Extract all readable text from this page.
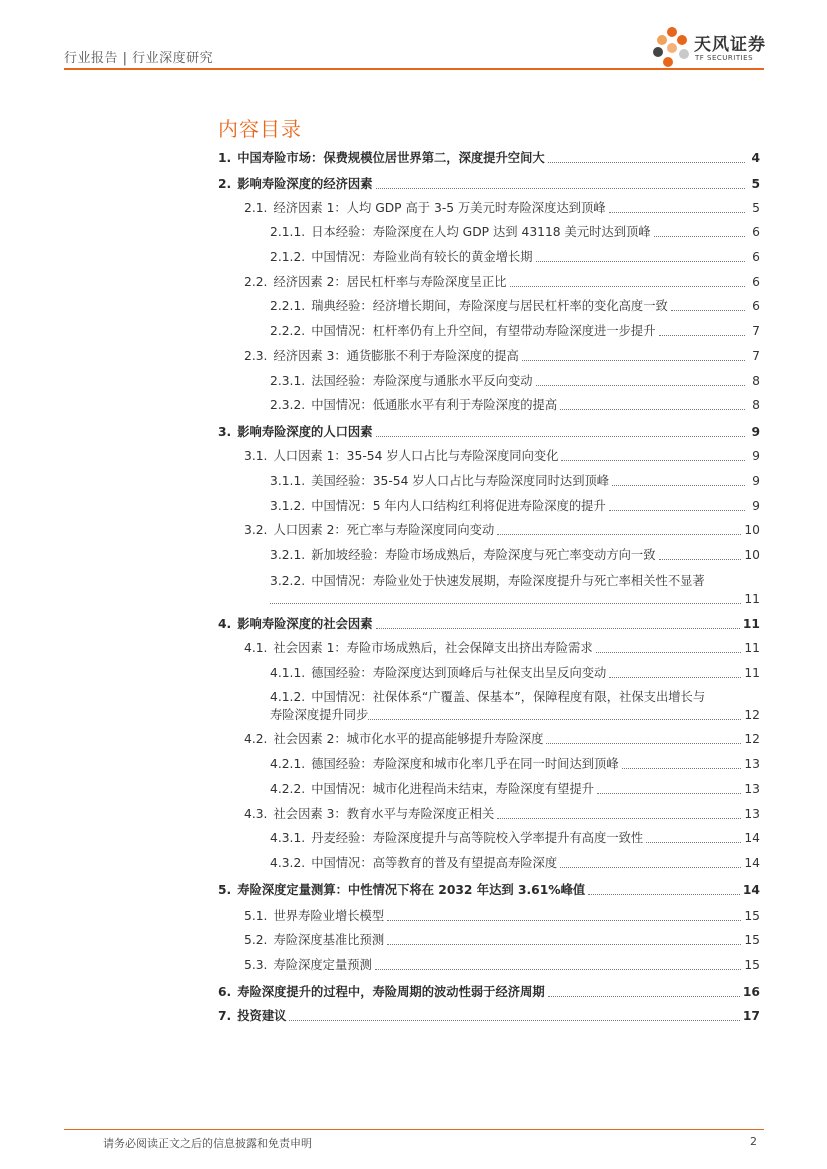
行业报告 | 行业深度研究
天风证券
TF SECURITIES
内容目录
1. 中国寿险市场：保费规模位居世界第二，深度提升空间大	4
2. 影响寿险深度的经济因素	5
2.1. 经济因素 1：人均 GDP 高于 3-5 万美元时寿险深度达到顶峰	5
2.1.1. 日本经验：寿险深度在人均 GDP 达到 43118 美元时达到顶峰	6
2.1.2. 中国情况：寿险业尚有较长的黄金增长期	6
2.2. 经济因素 2：居民杠杆率与寿险深度呈正比	6
2.2.1. 瑞典经验：经济增长期间，寿险深度与居民杠杆率的变化高度一致	6
2.2.2. 中国情况：杠杆率仍有上升空间，有望带动寿险深度进一步提升	7
2.3. 经济因素 3：通货膨胀不利于寿险深度的提高	7
2.3.1. 法国经验：寿险深度与通胀水平反向变动	8
2.3.2. 中国情况：低通胀水平有利于寿险深度的提高	8
3. 影响寿险深度的人口因素	9
3.1. 人口因素 1：35-54 岁人口占比与寿险深度同向变化	9
3.1.1. 美国经验：35-54 岁人口占比与寿险深度同时达到顶峰	9
3.1.2. 中国情况：5 年内人口结构红利将促进寿险深度的提升	9
3.2. 人口因素 2：死亡率与寿险深度同向变动	10
3.2.1. 新加坡经验：寿险市场成熟后，寿险深度与死亡率变动方向一致	10
3.2.2. 中国情况：寿险业处于快速发展期，寿险深度提升与死亡率相关性不显著
11
4. 影响寿险深度的社会因素	11
4.1. 社会因素 1：寿险市场成熟后，社会保障支出挤出寿险需求	11
4.1.1. 德国经验：寿险深度达到顶峰后与社保支出呈反向变动	11
4.1.2. 中国情况：社保体系“广覆盖、保基本”，保障程度有限，社保支出增长与
寿险深度提升同步	12
4.2. 社会因素 2：城市化水平的提高能够提升寿险深度	12
4.2.1. 德国经验：寿险深度和城市化率几乎在同一时间达到顶峰	13
4.2.2. 中国情况：城市化进程尚未结束，寿险深度有望提升	13
4.3. 社会因素 3：教育水平与寿险深度正相关	13
4.3.1. 丹麦经验：寿险深度提升与高等院校入学率提升有高度一致性	14
4.3.2. 中国情况：高等教育的普及有望提高寿险深度	14
5. 寿险深度定量测算：中性情况下将在 2032 年达到 3.61%峰值	14
5.1. 世界寿险业增长模型	15
5.2. 寿险深度基准比预测	15
5.3. 寿险深度定量预测	15
6. 寿险深度提升的过程中，寿险周期的波动性弱于经济周期	16
7. 投资建议	17
请务必阅读正文之后的信息披露和免责申明	2
